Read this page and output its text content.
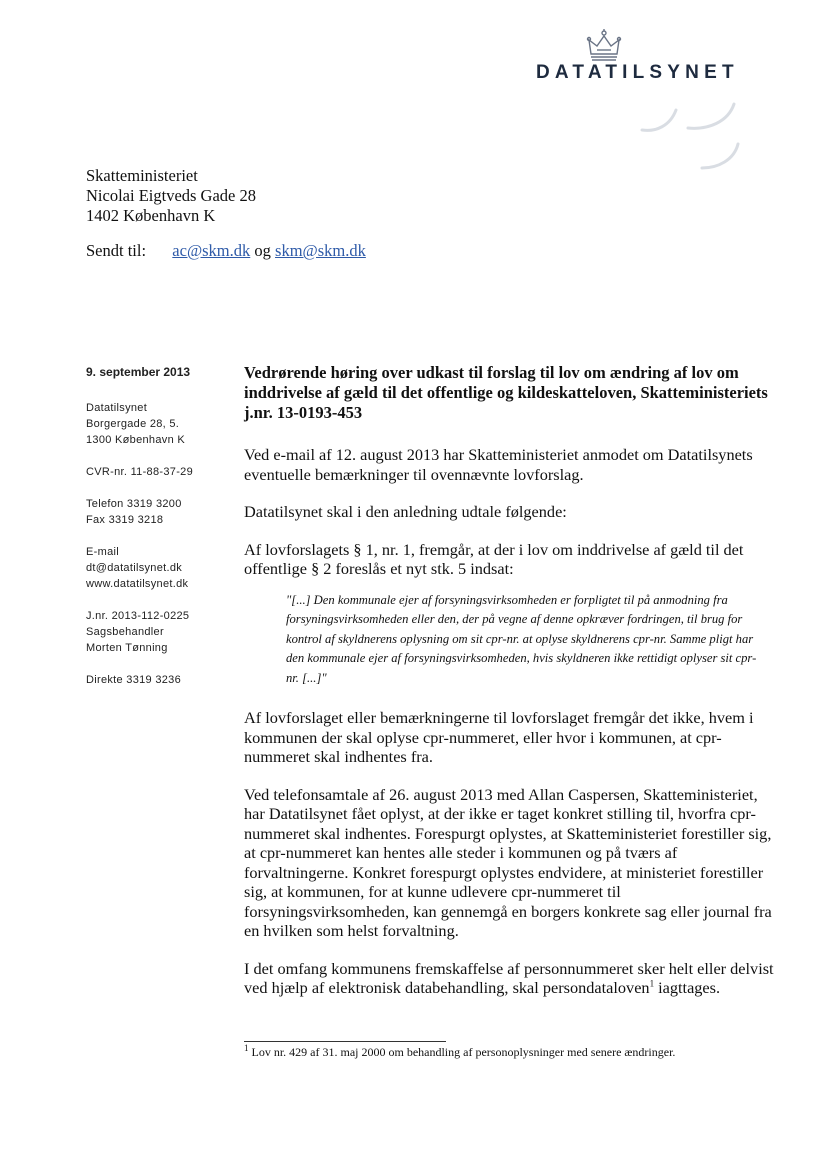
DATATILSYNET
Skatteministeriet
Nicolai Eigtveds Gade 28
1402 København K
Sendt til: ac@skm.dk og skm@skm.dk
9. september 2013
Datatilsynet
Borgergade 28, 5.
1300 København K
CVR-nr. 11-88-37-29
Telefon 3319 3200
Fax 3319 3218
E-mail
dt@datatilsynet.dk
www.datatilsynet.dk
J.nr. 2013-112-0225
Sagsbehandler
Morten Tønning
Direkte 3319 3236
Vedrørende høring over udkast til forslag til lov om ændring af lov om inddrivelse af gæld til det offentlige og kildeskatteloven, Skatteministeriets j.nr. 13-0193-453

Ved e-mail af 12. august 2013 har Skatteministeriet anmodet om Datatilsynets eventuelle bemærkninger til ovennævnte lovforslag.

Datatilsynet skal i den anledning udtale følgende:

Af lovforslagets § 1, nr. 1, fremgår, at der i lov om inddrivelse af gæld til det offentlige § 2 foreslås et nyt stk. 5 indsat:

"[...] Den kommunale ejer af forsyningsvirksomheden er forpligtet til på anmodning fra forsyningsvirksomheden eller den, der på vegne af denne opkræver fordringen, til brug for kontrol af skyldnerens oplysning om sit cpr-nr. at oplyse skyldnerens cpr-nr. Samme pligt har den kommunale ejer af forsyningsvirksomheden, hvis skyldneren ikke rettidigt oplyser sit cpr-nr. [...]"

Af lovforslaget eller bemærkningerne til lovforslaget fremgår det ikke, hvem i kommunen der skal oplyse cpr-nummeret, eller hvor i kommunen, at cpr-nummeret skal indhentes fra.

Ved telefonsamtale af 26. august 2013 med Allan Caspersen, Skatteministeriet, har Datatilsynet fået oplyst, at der ikke er taget konkret stilling til, hvorfra cpr-nummeret skal indhentes. Forespurgt oplystes, at Skatteministeriet forestiller sig, at cpr-nummeret kan hentes alle steder i kommunen og på tværs af forvaltningerne. Konkret forespurgt oplystes endvidere, at ministeriet forestiller sig, at kommunen, for at kunne udlevere cpr-nummeret til forsyningsvirksomheden, kan gennemgå en borgers konkrete sag eller journal fra en hvilken som helst forvaltning.

I det omfang kommunens fremskaffelse af personnummeret sker helt eller delvist ved hjælp af elektronisk databehandling, skal persondataloven$^1$ iagttages.

$^1$ Lov nr. 429 af 31. maj 2000 om behandling af personoplysninger med senere ændringer.
